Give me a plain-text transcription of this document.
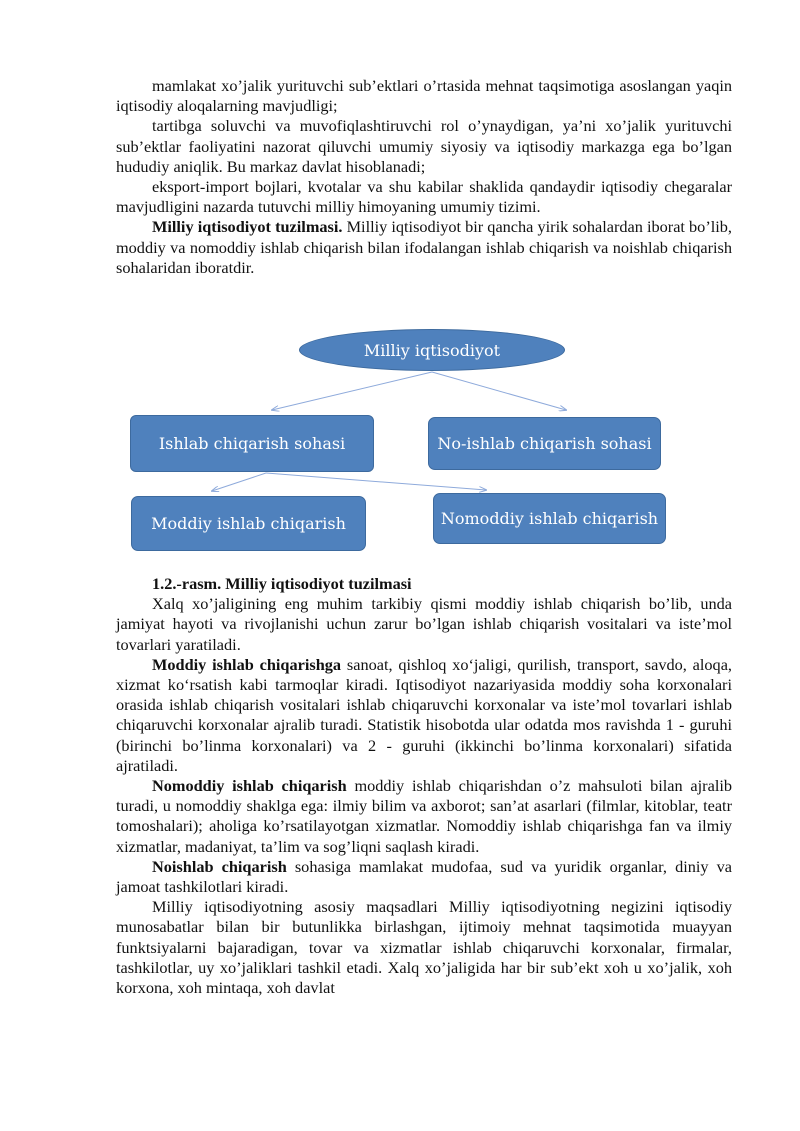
mamlakat xo’jalik yurituvchi sub’ektlari o’rtasida mehnat taqsimotiga asoslangan yaqin iqtisodiy aloqalarning mavjudligi;

tartibga soluvchi va muvofiqlashtiruvchi rol o’ynaydigan, ya’ni xo’jalik yurituvchi sub’ektlar faoliyatini nazorat qiluvchi umumiy siyosiy va iqtisodiy markazga ega bo’lgan hududiy aniqlik. Bu markaz davlat hisoblanadi;

eksport-import bojlari, kvotalar va shu kabilar shaklida qandaydir iqtisodiy chegaralar mavjudligini nazarda tutuvchi milliy himoyaning umumiy tizimi.

Milliy iqtisodiyot tuzilmasi. Milliy iqtisodiyot bir qancha yirik sohalardan iborat bo’lib, moddiy va nomoddiy ishlab chiqarish bilan ifodalangan ishlab chiqarish va noishlab chiqarish sohalaridan iboratdir.

Milliy iqtisodiyot
Ishlab chiqarish sohasi	No-ishlab chiqarish sohasi
Moddiy ishlab chiqarish	Nomoddiy ishlab chiqarish

1.2.-rasm. Milliy iqtisodiyot tuzilmasi

Xalq xo’jaligining eng muhim tarkibiy qismi moddiy ishlab chiqarish bo’lib, unda jamiyat hayoti va rivojlanishi uchun zarur bo’lgan ishlab chiqarish vositalari va iste’mol tovarlari yaratiladi.

Moddiy ishlab chiqarishga sanoat, qishloq xo‘jaligi, qurilish, transport, savdo, aloqa, xizmat ko‘rsatish kabi tarmoqlar kiradi. Iqtisodiyot nazariyasida moddiy soha korxonalari orasida ishlab chiqarish vositalari ishlab chiqaruvchi korxonalar va iste’mol tovarlari ishlab chiqaruvchi korxonalar ajralib turadi. Statistik hisobotda ular odatda mos ravishda 1 - guruhi (birinchi bo’linma korxonalari) va 2 - guruhi (ikkinchi bo’linma korxonalari) sifatida ajratiladi.

Nomoddiy ishlab chiqarish moddiy ishlab chiqarishdan o’z mahsuloti bilan ajralib turadi, u nomoddiy shaklga ega: ilmiy bilim va axborot; san’at asarlari (filmlar, kitoblar, teatr tomoshalari); aholiga ko’rsatilayotgan xizmatlar. Nomoddiy ishlab chiqarishga fan va ilmiy xizmatlar, madaniyat, ta’lim va sog’liqni saqlash kiradi.

Noishlab chiqarish sohasiga mamlakat mudofaa, sud va yuridik organlar, diniy va jamoat tashkilotlari kiradi.

Milliy iqtisodiyotning asosiy maqsadlari Milliy iqtisodiyotning negizini iqtisodiy munosabatlar bilan bir butunlikka birlashgan, ijtimoiy mehnat taqsimotida muayyan funktsiyalarni bajaradigan, tovar va xizmatlar ishlab chiqaruvchi korxonalar, firmalar, tashkilotlar, uy xo’jaliklari tashkil etadi. Xalq xo’jaligida har bir sub’ekt xoh u xo’jalik, xoh korxona, xoh mintaqa, xoh davlat
